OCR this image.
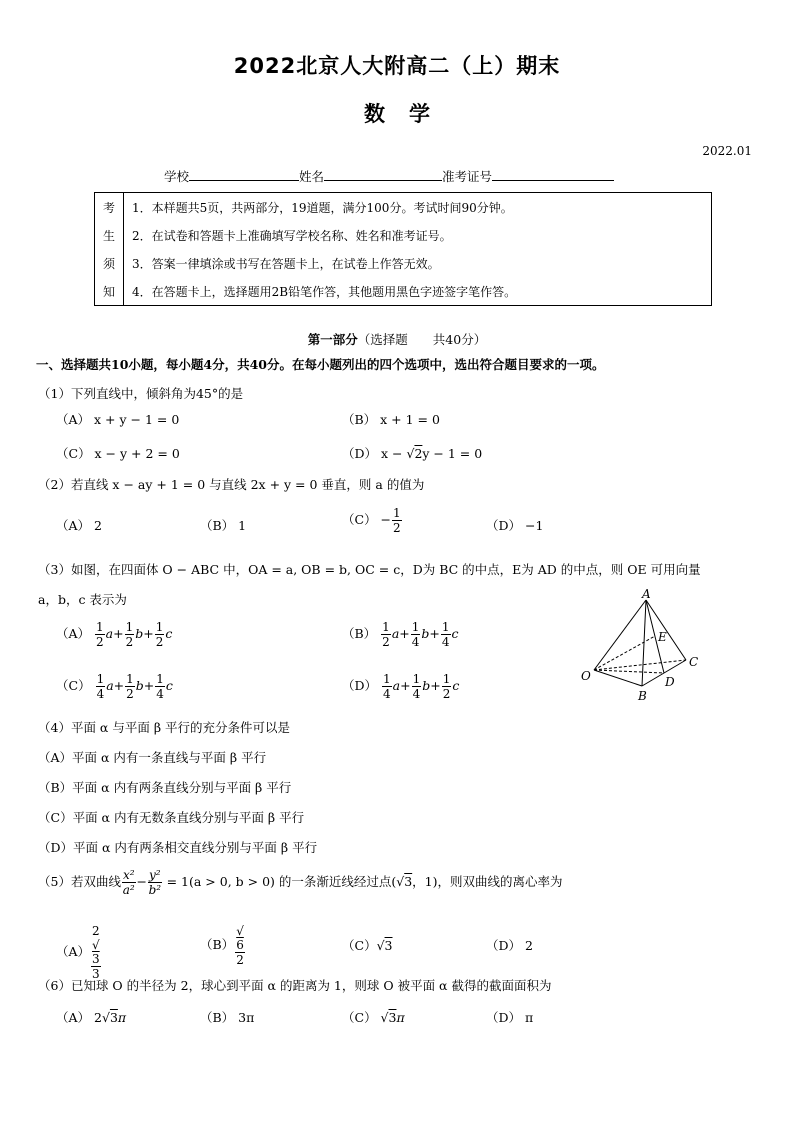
2022北京人大附高二（上）期末
数学
2022.01
学校	姓名	准考证号
考	1．本样题共5页，共两部分，19道题，满分100分。考试时间90分钟。
生	2．在试卷和答题卡上准确填写学校名称、姓名和准考证号。
须	3．答案一律填涂或书写在答题卡上，在试卷上作答无效。
知	4．在答题卡上，选择题用2B铅笔作答，其他题用黑色字迹签字笔作答。
第一部分（选择题　　共40分）
一、选择题共10小题，每小题4分，共40分。在每小题列出的四个选项中，选出符合题目要求的一项。
（1）下列直线中，倾斜角为45°的是
（A） x + y − 1 = 0	（B） x + 1 = 0
（C） x − y + 2 = 0	（D） x − √2y − 1 = 0
（2）若直线 x − ay + 1 = 0 与直线 2x + y = 0 垂直，则 a 的值为
（A） 2	（B） 1	$(C) - \frac{1}{2}$	（D） −1
（3）如图，在四面体 O − ABC 中，OA = a, OB = b, OC = c，D为 BC 的中点，E为 AD 的中点，则 OE 可用向量
a，b，c 表示为
$(A) \frac{1}{2} a+ \frac{1}{2} b+ \frac{1}{2}$ c	$(B) \frac{1}{2} a+ \frac{1}{4} b+ \frac{1}{4}$ c
$(C) \frac{1}{4} a+ \frac{1}{2} b+ \frac{1}{4}$ c	$(D) \frac{1}{4} a+ \frac{1}{4} b+ \frac{1}{2}$ c
A
B
C
D
E
O
（4）平面 α 与平面 β 平行的充分条件可以是
（A）平面 α 内有一条直线与平面 β 平行
（B）平面 α 内有两条直线分别与平面 β 平行
（C）平面 α 内有无数条直线分别与平面 β 平行
（D）平面 α 内有两条相交直线分别与平面 β 平行
（5）若双曲线 $\frac{\text{x²}}{\text{a²}} - \frac{\text{y²}}{\text{b²}} = 1(a > 0$, b > 0) 的一条渐近线经过点(√3，1)，则双曲线的离心率为
（A） 2
√
3
3	（B） √
6
2	（C）√3	（D） 2
（6）已知球 O 的半径为 2，球心到平面 α 的距离为 1，则球 O 被平面 α 截得的截面面积为
（A） 2√3π	（B） 3π	（C） √3π	（D） π
